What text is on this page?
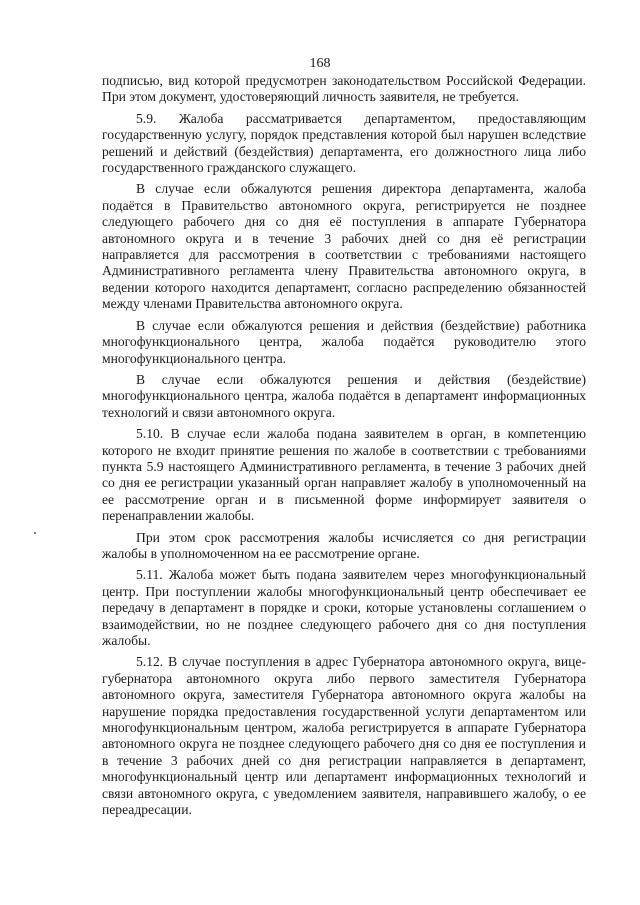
168

подписью, вид которой предусмотрен законодательством Российской Федерации. При этом документ, удостоверяющий личность заявителя, не требуется.

5.9. Жалоба рассматривается департаментом, предоставляющим государственную услугу, порядок представления которой был нарушен вследствие решений и действий (бездействия) департамента, его должностного лица либо государственного гражданского служащего.

В случае если обжалуются решения директора департамента, жалоба подаётся в Правительство автономного округа, регистрируется не позднее следующего рабочего дня со дня её поступления в аппарате Губернатора автономного округа и в течение 3 рабочих дней со дня её регистрации направляется для рассмотрения в соответствии с требованиями настоящего Административного регламента члену Правительства автономного округа, в ведении которого находится департамент, согласно распределению обязанностей между членами Правительства автономного округа.

В случае если обжалуются решения и действия (бездействие) работника многофункционального центра, жалоба подаётся руководителю этого многофункционального центра.

В случае если обжалуются решения и действия (бездействие) многофункционального центра, жалоба подаётся в департамент информационных технологий и связи автономного округа.

5.10. В случае если жалоба подана заявителем в орган, в компетенцию которого не входит принятие решения по жалобе в соответствии с требованиями пункта 5.9 настоящего Административного регламента, в течение 3 рабочих дней со дня ее регистрации указанный орган направляет жалобу в уполномоченный на ее рассмотрение орган и в письменной форме информирует заявителя о перенаправлении жалобы.

При этом срок рассмотрения жалобы исчисляется со дня регистрации жалобы в уполномоченном на ее рассмотрение органе.

5.11. Жалоба может быть подана заявителем через многофункциональный центр. При поступлении жалобы многофункциональный центр обеспечивает ее передачу в департамент в порядке и сроки, которые установлены соглашением о взаимодействии, но не позднее следующего рабочего дня со дня поступления жалобы.

5.12. В случае поступления в адрес Губернатора автономного округа, вице-губернатора автономного округа либо первого заместителя Губернатора автономного округа, заместителя Губернатора автономного округа жалобы на нарушение порядка предоставления государственной услуги департаментом или многофункциональным центром, жалоба регистрируется в аппарате Губернатора автономного округа не позднее следующего рабочего дня со дня ее поступления и в течение 3 рабочих дней со дня регистрации направляется в департамент, многофункциональный центр или департамент информационных технологий и связи автономного округа, с уведомлением заявителя, направившего жалобу, о ее переадресации.
